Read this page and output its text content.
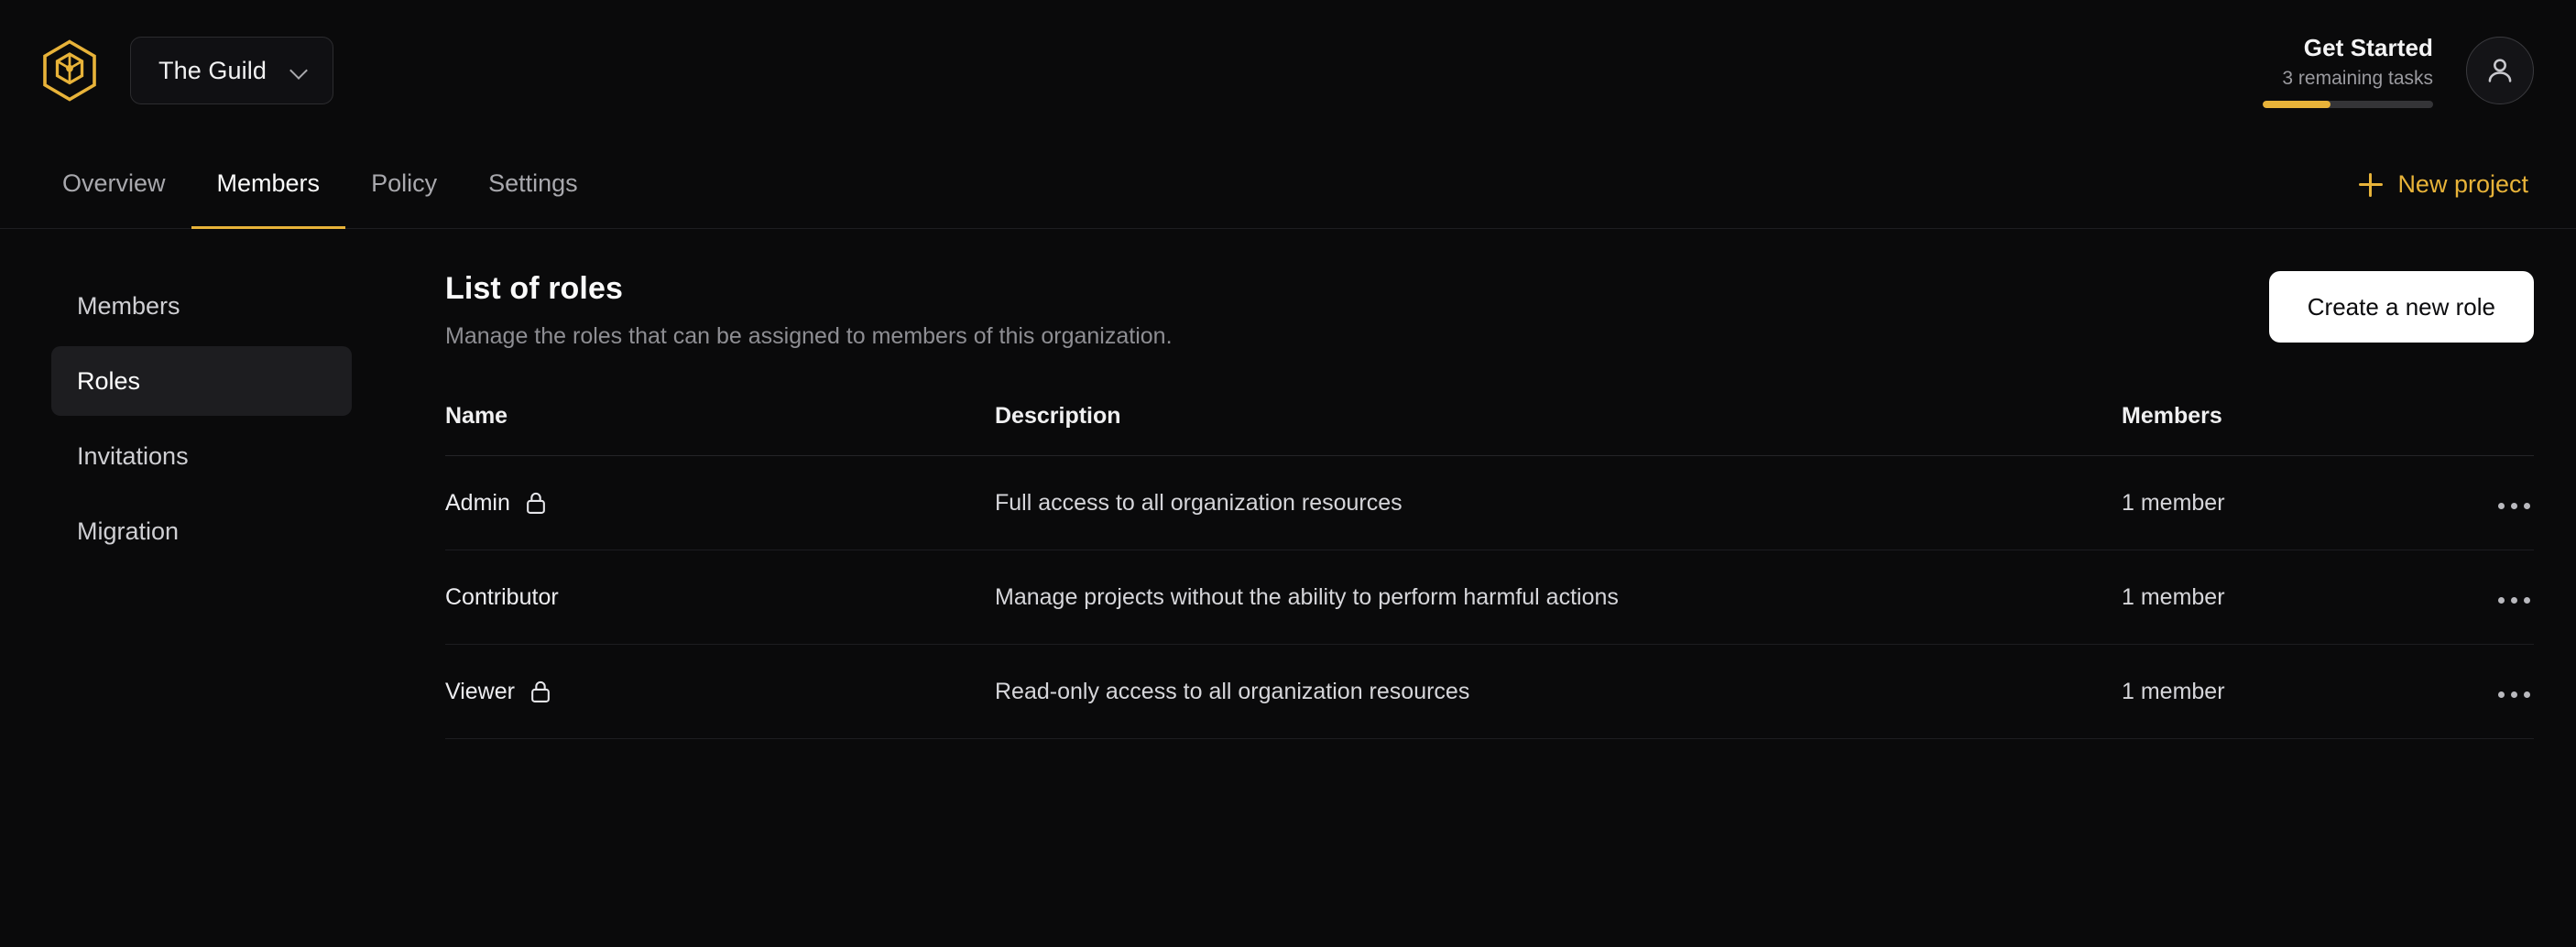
The Guild
Get Started
3 remaining tasks
Overview Members Policy Settings	New project
Members
Roles
Invitations
Migration
List of roles
Manage the roles that can be assigned to members of this organization.
Create a new role
Name	Description	Members	

Admin	Full access to all organization resources	1 member	

Contributor	Manage projects without the ability to perform harmful actions	1 member	

Viewer	Read-only access to all organization resources	1 member	
